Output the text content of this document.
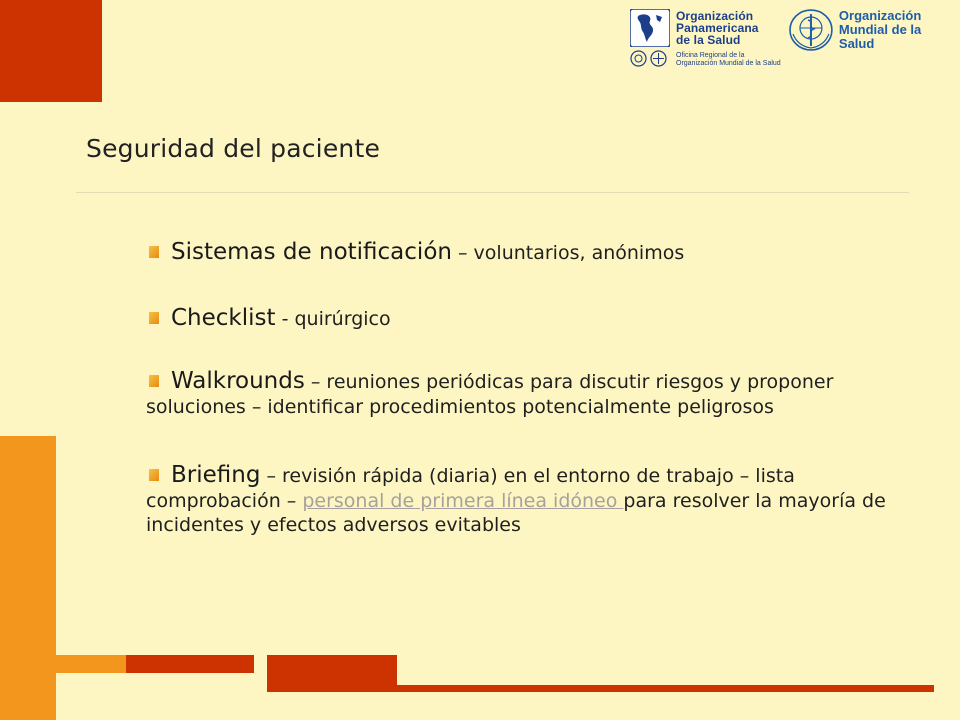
Organización
Panamericana
de la Salud
Oficina Regional de la
Organización Mundial de la Salud
Organización
Mundial de la Salud
Seguridad del paciente

Sistemas de notificación – voluntarios, anónimos

Checklist - quirúrgico

Walkrounds – reuniones periódicas para discutir riesgos y proponer soluciones – identificar procedimientos potencialmente peligrosos

Briefing – revisión rápida (diaria) en el entorno de trabajo – lista comprobación – personal de primera línea idóneo para resolver la mayoría de incidentes y efectos adversos evitables
